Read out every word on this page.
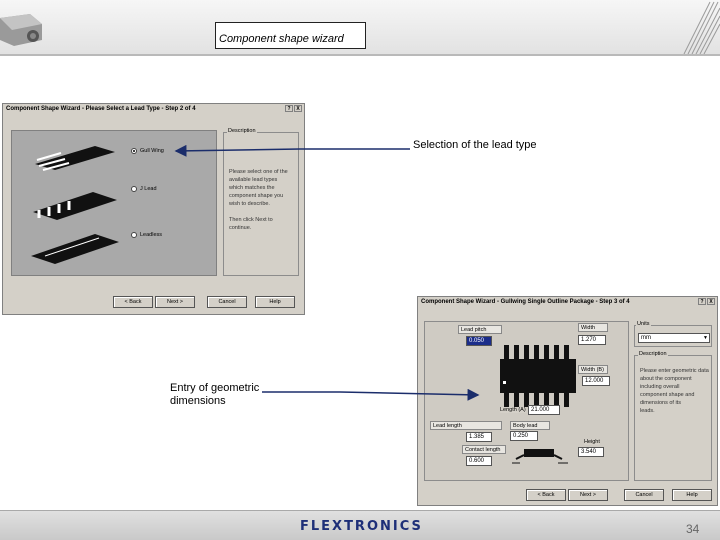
Component shape wizard
Component Shape Wizard - Please Select a Lead Type - Step 2 of 4	?	X
Gull Wing
J Lead
Leadless
Description
Please select one of the
available lead types
which matches the
component shape you
wish to describe.

Then click Next to
continue.
< Back	Next >	Cancel	Help	Component Shape Wizard - Gullwing Single Outline Package - Step 3 of 4	?	X
Lead pitch
0.050
Width
1.270
Width (B)
12.000
Length (A) 21.000
Lead length
1.385
Body lead
0.250
Height
3.540
Contact length
0.600
Units
mm	▼
Description
Please enter geometric data
about the component
including overall
component shape and
dimensions of its
leads.
< Back	Next >	Cancel	Help
Selection of the lead type
Entry of geometric
dimensions
FLEXTRONICS	34
